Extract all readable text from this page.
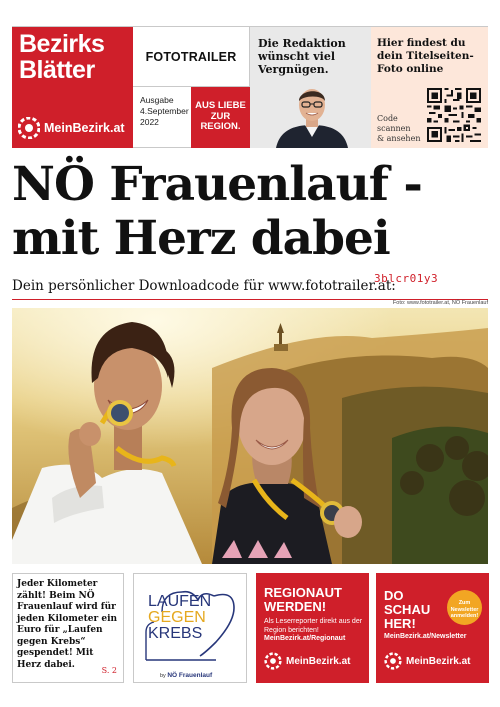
Bezirks
Blätter
MeinBezirk.at
FOTOTRAILER
Ausgabe
4.September
2022
AUS LIEBE
ZUR
REGION.
Die Redaktion wünscht viel Vergnügen.
Hier findest du dein Titelseiten-Foto online
Code
scannen
& ansehen
NÖ Frauenlauf -
mit Herz dabei
Dein persönlicher Downloadcode für www.fototrailer.at:
3blcr01y3
Foto: www.fototrailer.at, NÖ Frauenlauf
Jeder Kilometer zählt! Beim NÖ Frauenlauf wird für jeden Kilometer ein Euro für „Laufen gegen Krebs“ gespendet! Mit Herz dabei.
S. 2
LAUFEN
GEGEN
KREBS
by NÖ Frauenlauf
REGIONAUT
WERDEN!
Als Leserreporter direkt aus der Region berichten!
MeinBezirk.at/Regionaut
MeinBezirk.at
DO
SCHAU
HER!
Zum
Newsletter
anmelden!
MeinBezirk.at/Newsletter
MeinBezirk.at
